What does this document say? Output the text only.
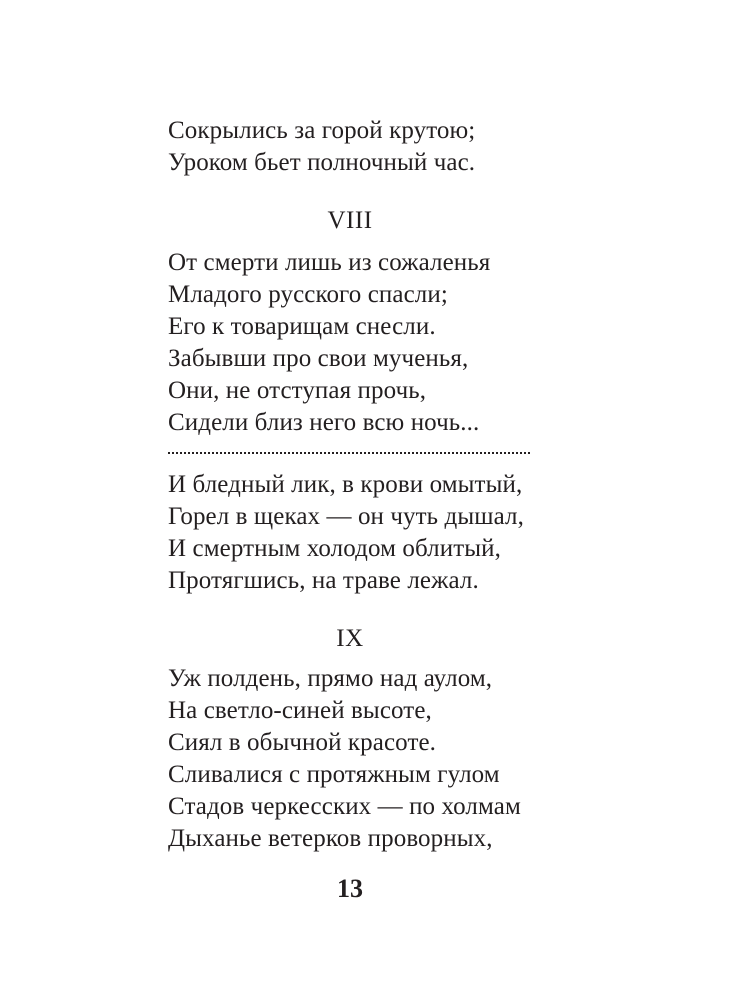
Сокрылись за горой крутою;
Уроком бьет полночный час.
VIII
От смерти лишь из сожаленья
Младого русского спасли;
Его к товарищам снесли.
Забывши про свои мученья,
Они, не отступая прочь,
Сидели близ него всю ночь...
И бледный лик, в крови омытый,
Горел в щеках — он чуть дышал,
И смертным холодом облитый,
Протягшись, на траве лежал.
IX
Уж полдень, прямо над аулом,
На светло-синей высоте,
Сиял в обычной красоте.
Сливалися с протяжным гулом
Стадов черкесских — по холмам
Дыханье ветерков проворных,
13
